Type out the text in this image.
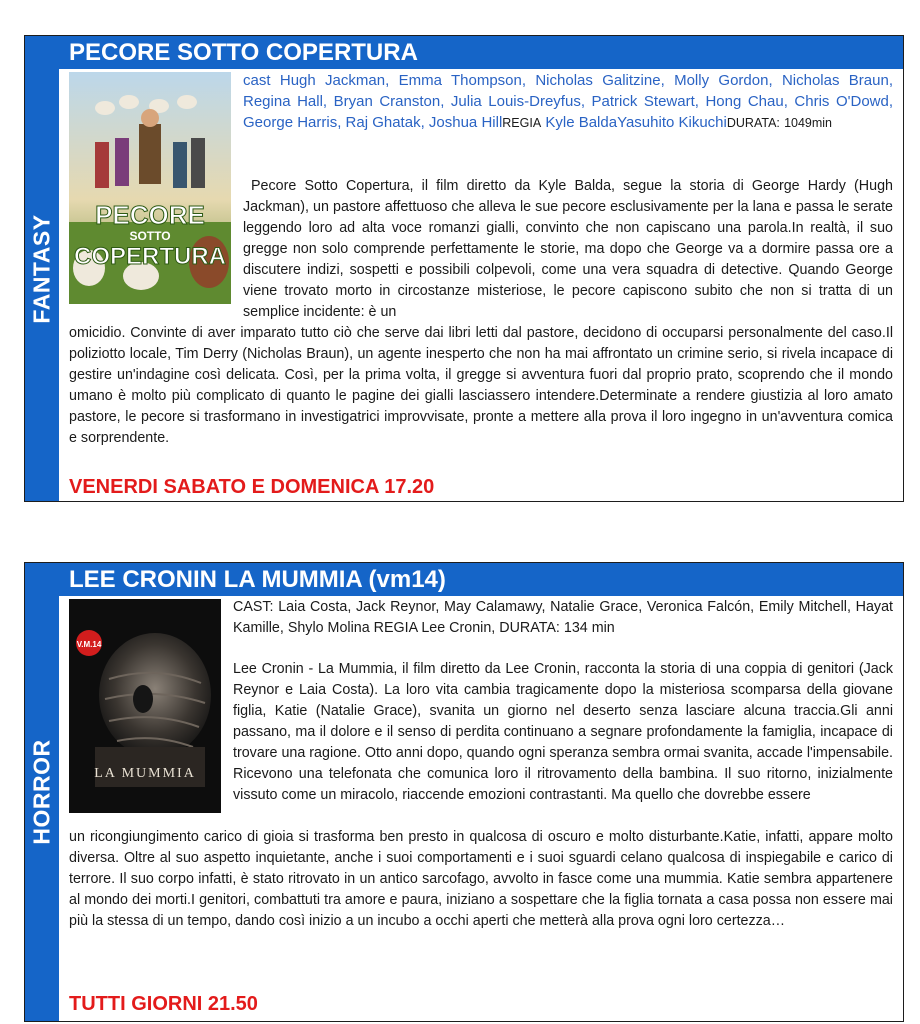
FANTASY
PECORE SOTTO COPERTURA
PECORE
SOTTO
COPERTURA
cast Hugh Jackman, Emma Thompson, Nicholas Galitzine, Molly Gordon, Nicholas Braun, Regina Hall, Bryan Cranston, Julia Louis-Dreyfus, Patrick Stewart, Hong Chau, Chris O'Dowd, George Harris, Raj Ghatak, Joshua HillREGIA Kyle BaldaYasuhito KikuchiDURATA: 1049min
Pecore Sotto Copertura, il film diretto da Kyle Balda, segue la storia di George Hardy (Hugh Jackman), un pastore affettuoso che alleva le sue pecore esclusivamente per la lana e passa le serate leggendo loro ad alta voce romanzi gialli, convinto che non capiscano una parola.In realtà, il suo gregge non solo comprende perfettamente le storie, ma dopo che George va a dormire passa ore a discutere indizi, sospetti e possibili colpevoli, come una vera squadra di detective. Quando George viene trovato morto in circostanze misteriose, le pecore capiscono subito che non si tratta di un semplice incidente: è un
omicidio. Convinte di aver imparato tutto ciò che serve dai libri letti dal pastore, decidono di occuparsi personalmente del caso.Il poliziotto locale, Tim Derry (Nicholas Braun), un agente inesperto che non ha mai affrontato un crimine serio, si rivela incapace di gestire un'indagine così delicata. Così, per la prima volta, il gregge si avventura fuori dal proprio prato, scoprendo che il mondo umano è molto più complicato di quanto le pagine dei gialli lasciassero intendere.Determinate a rendere giustizia al loro amato pastore, le pecore si trasformano in investigatrici improvvisate, pronte a mettere alla prova il loro ingegno in un'avventura comica e sorprendente.
VENERDI SABATO E DOMENICA 17.20
HORROR
LEE CRONIN LA MUMMIA (vm14)
V.M.14
LA MUMMIA
CAST: Laia Costa, Jack Reynor, May Calamawy, Natalie Grace, Veronica Falcón, Emily Mitchell, Hayat Kamille, Shylo Molina REGIA Lee Cronin, DURATA: 134 min
Lee Cronin - La Mummia, il film diretto da Lee Cronin, racconta la storia di una coppia di genitori (Jack Reynor e Laia Costa). La loro vita cambia tragicamente dopo la misteriosa scomparsa della giovane figlia, Katie (Natalie Grace), svanita un giorno nel deserto senza lasciare alcuna traccia.Gli anni passano, ma il dolore e il senso di perdita continuano a segnare profondamente la famiglia, incapace di trovare una ragione. Otto anni dopo, quando ogni speranza sembra ormai svanita, accade l'impensabile. Ricevono una telefonata che comunica loro il ritrovamento della bambina. Il suo ritorno, inizialmente vissuto come un miracolo, riaccende emozioni contrastanti. Ma quello che dovrebbe essere
un ricongiungimento carico di gioia si trasforma ben presto in qualcosa di oscuro e molto disturbante.Katie, infatti, appare molto diversa. Oltre al suo aspetto inquietante, anche i suoi comportamenti e i suoi sguardi celano qualcosa di inspiegabile e carico di terrore. Il suo corpo infatti, è stato ritrovato in un antico sarcofago, avvolto in fasce come una mummia. Katie sembra appartenere al mondo dei morti.I genitori, combattuti tra amore e paura, iniziano a sospettare che la figlia tornata a casa possa non essere mai più la stessa di un tempo, dando così inizio a un incubo a occhi aperti che metterà alla prova ogni loro certezza…
TUTTI GIORNI 21.50
